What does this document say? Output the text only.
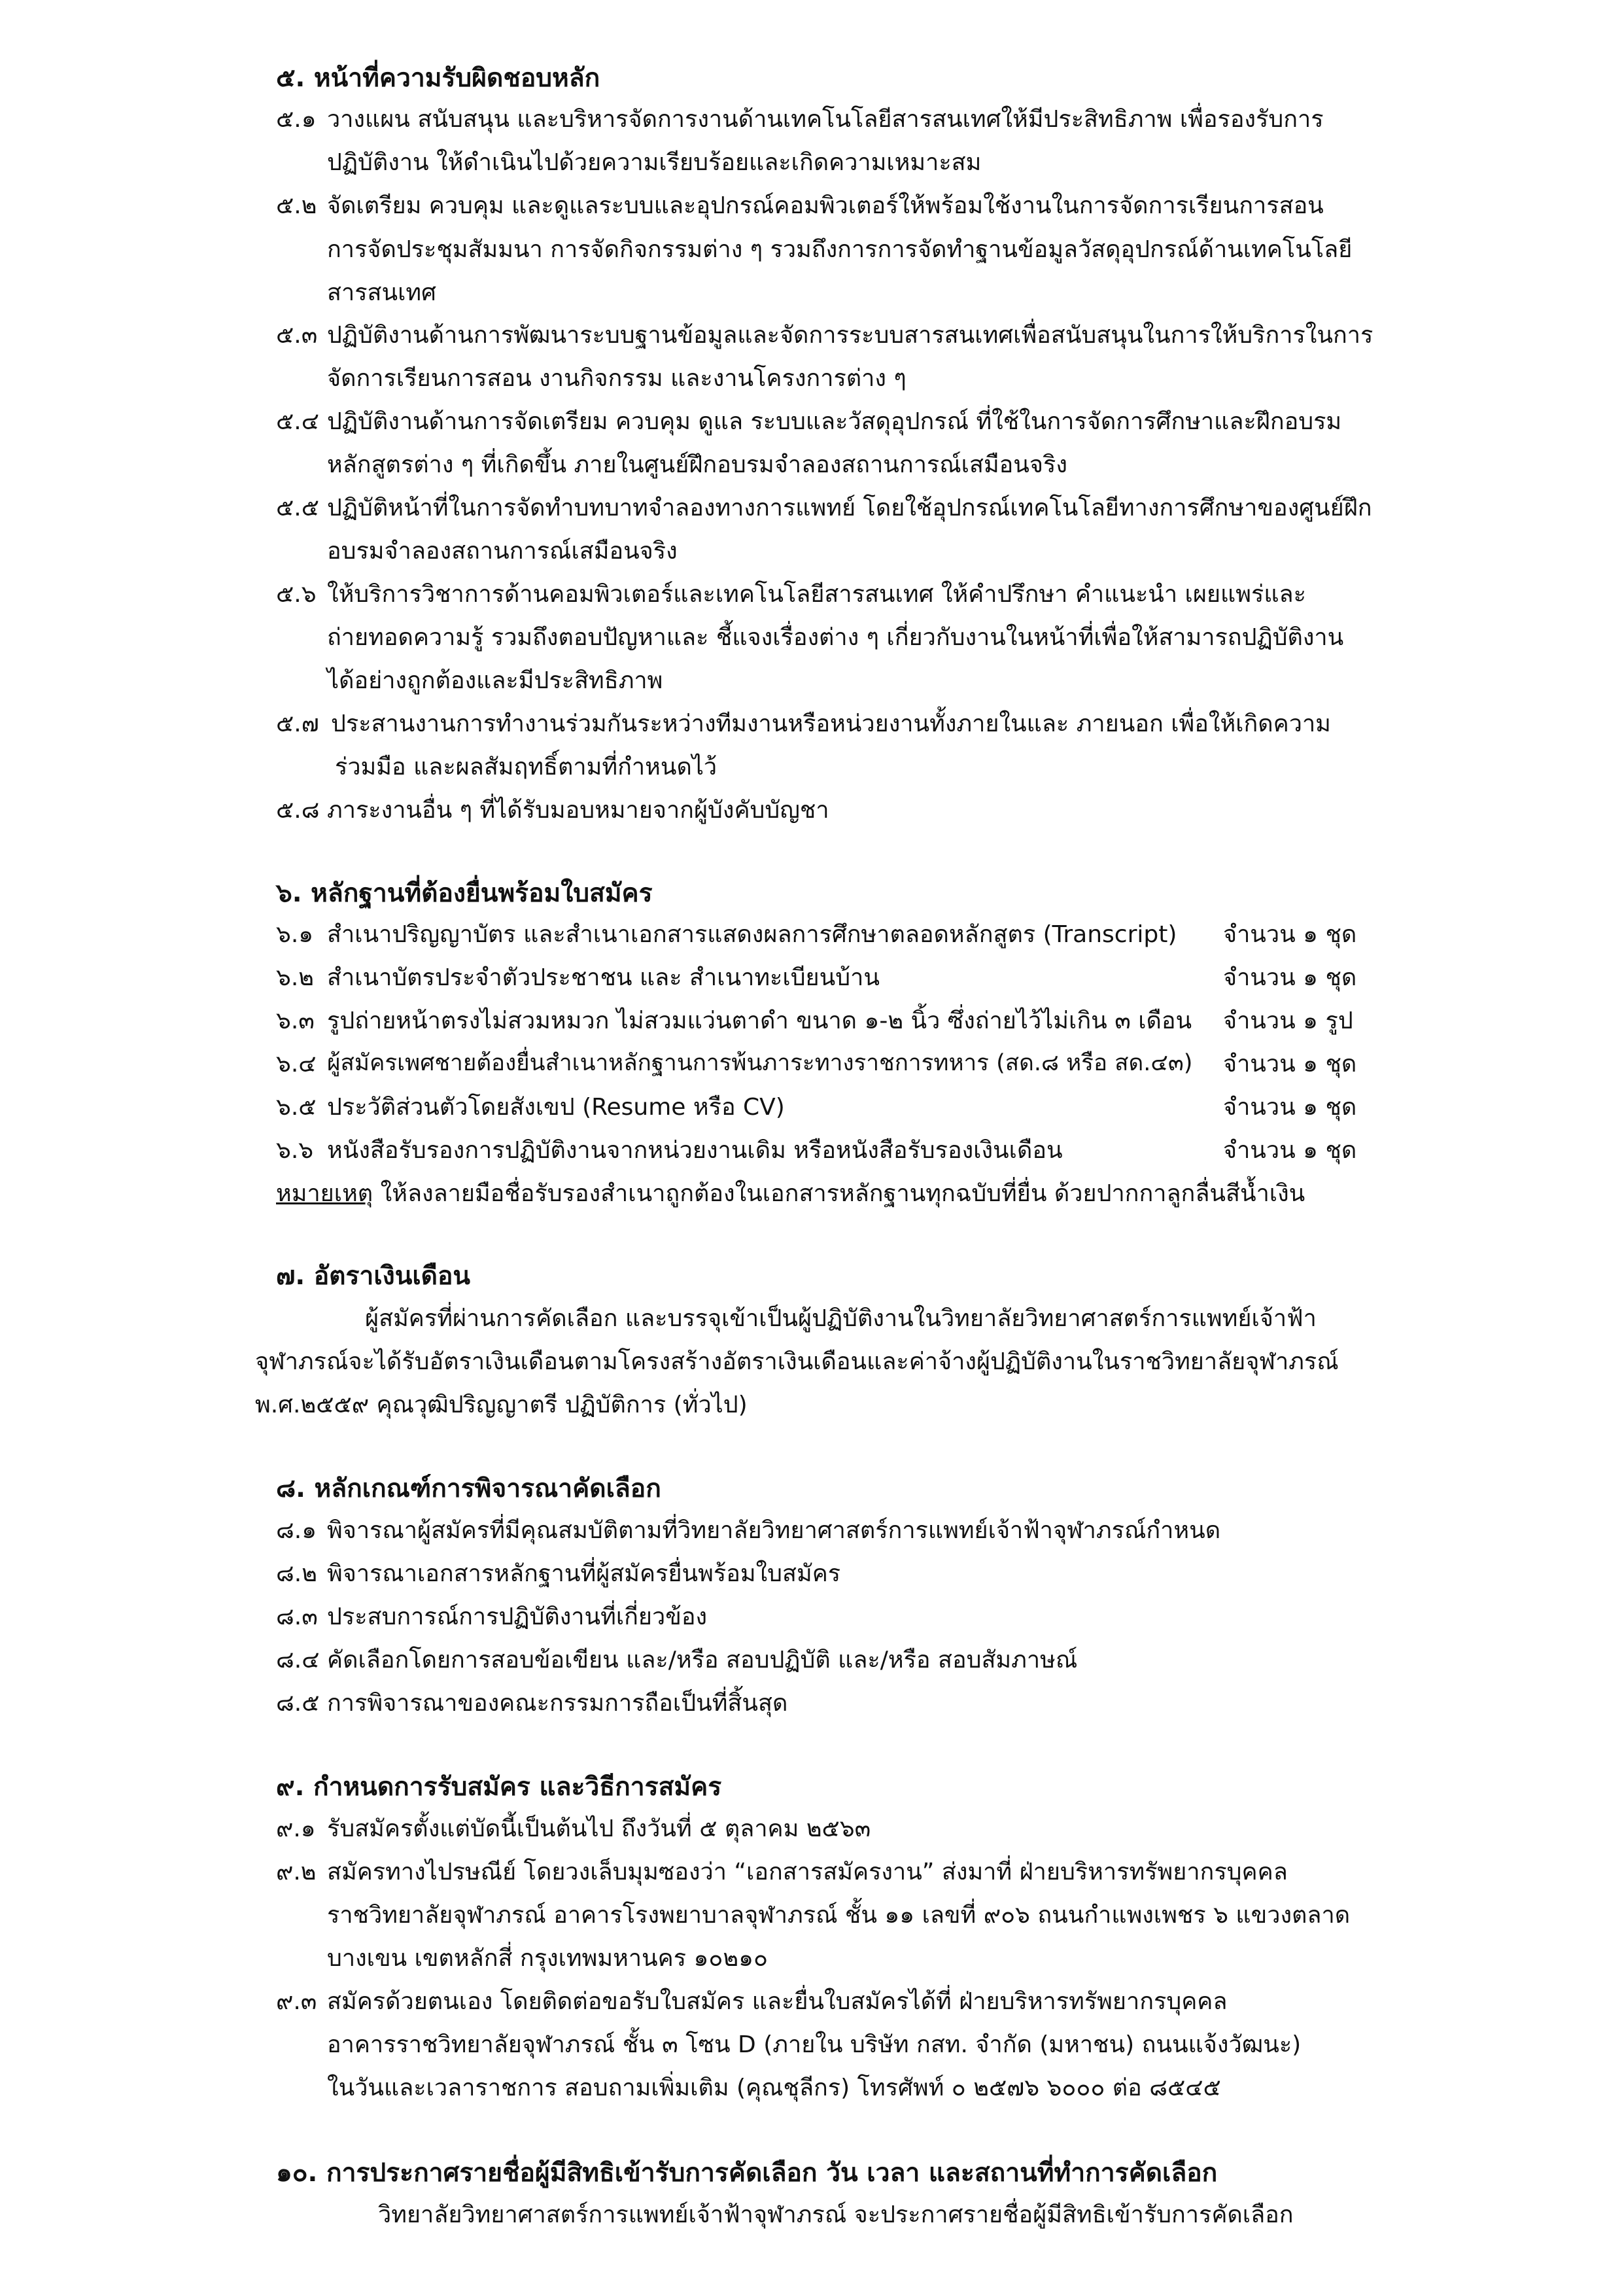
๕. หน้าที่ความรับผิดชอบหลัก
๕.๑ วางแผน สนับสนุน และบริหารจัดการงานด้านเทคโนโลยีสารสนเทศให้มีประสิทธิภาพ เพื่อรองรับการ
ปฏิบัติงาน ให้ดำเนินไปด้วยความเรียบร้อยและเกิดความเหมาะสม
๕.๒ จัดเตรียม ควบคุม และดูแลระบบและอุปกรณ์คอมพิวเตอร์ให้พร้อมใช้งานในการจัดการเรียนการสอน
การจัดประชุมสัมมนา การจัดกิจกรรมต่าง ๆ รวมถึงการการจัดทำฐานข้อมูลวัสดุอุปกรณ์ด้านเทคโนโลยี
สารสนเทศ
๕.๓ ปฏิบัติงานด้านการพัฒนาระบบฐานข้อมูลและจัดการระบบสารสนเทศเพื่อสนับสนุนในการให้บริการในการ
จัดการเรียนการสอน งานกิจกรรม และงานโครงการต่าง ๆ
๕.๔ ปฏิบัติงานด้านการจัดเตรียม ควบคุม ดูแล ระบบและวัสดุอุปกรณ์ ที่ใช้ในการจัดการศึกษาและฝึกอบรม
หลักสูตรต่าง ๆ ที่เกิดขึ้น ภายในศูนย์ฝึกอบรมจำลองสถานการณ์เสมือนจริง
๕.๕ ปฏิบัติหน้าที่ในการจัดทำบทบาทจำลองทางการแพทย์ โดยใช้อุปกรณ์เทคโนโลยีทางการศึกษาของศูนย์ฝึก
อบรมจำลองสถานการณ์เสมือนจริง
๕.๖ ให้บริการวิชาการด้านคอมพิวเตอร์และเทคโนโลยีสารสนเทศ ให้คำปรึกษา คำแนะนำ เผยแพร่และ
ถ่ายทอดความรู้ รวมถึงตอบปัญหาและ ชี้แจงเรื่องต่าง ๆ เกี่ยวกับงานในหน้าที่เพื่อให้สามารถปฏิบัติงาน
ได้อย่างถูกต้องและมีประสิทธิภาพ
๕.๗ ประสานงานการทำงานร่วมกันระหว่างทีมงานหรือหน่วยงานทั้งภายในและ ภายนอก เพื่อให้เกิดความ
ร่วมมือ และผลสัมฤทธิ์ตามที่กำหนดไว้
๕.๘ ภาระงานอื่น ๆ ที่ได้รับมอบหมายจากผู้บังคับบัญชา
๖. หลักฐานที่ต้องยื่นพร้อมใบสมัคร
๖.๑ สำเนาปริญญาบัตร และสำเนาเอกสารแสดงผลการศึกษาตลอดหลักสูตร (Transcript) จำนวน ๑ ชุด
๖.๒ สำเนาบัตรประจำตัวประชาชน และ สำเนาทะเบียนบ้าน	จำนวน ๑ ชุด
๖.๓ รูปถ่ายหน้าตรงไม่สวมหมวก ไม่สวมแว่นตาดำ ขนาด ๑-๒ นิ้ว ซึ่งถ่ายไว้ไม่เกิน ๓ เดือน จำนวน ๑ รูป
๖.๔ ผู้สมัครเพศชายต้องยื่นสำเนาหลักฐานการพ้นภาระทางราชการทหาร (สด.๘ หรือ สด.๔๓) จำนวน ๑ ชุด
๖.๕ ประวัติส่วนตัวโดยสังเขป (Resume หรือ CV)	จำนวน ๑ ชุด
๖.๖ หนังสือรับรองการปฏิบัติงานจากหน่วยงานเดิม หรือหนังสือรับรองเงินเดือน	จำนวน ๑ ชุด
หมายเหตุ ให้ลงลายมือชื่อรับรองสำเนาถูกต้องในเอกสารหลักฐานทุกฉบับที่ยื่น ด้วยปากกาลูกลื่นสีน้ำเงิน
๗. อัตราเงินเดือน
ผู้สมัครที่ผ่านการคัดเลือก และบรรจุเข้าเป็นผู้ปฏิบัติงานในวิทยาลัยวิทยาศาสตร์การแพทย์เจ้าฟ้า
จุฬาภรณ์จะได้รับอัตราเงินเดือนตามโครงสร้างอัตราเงินเดือนและค่าจ้างผู้ปฏิบัติงานในราชวิทยาลัยจุฬาภรณ์
พ.ศ.๒๕๕๙ คุณวุฒิปริญญาตรี ปฏิบัติการ (ทั่วไป)
๘. หลักเกณฑ์การพิจารณาคัดเลือก
๘.๑ พิจารณาผู้สมัครที่มีคุณสมบัติตามที่วิทยาลัยวิทยาศาสตร์การแพทย์เจ้าฟ้าจุฬาภรณ์กำหนด
๘.๒ พิจารณาเอกสารหลักฐานที่ผู้สมัครยื่นพร้อมใบสมัคร
๘.๓ ประสบการณ์การปฏิบัติงานที่เกี่ยวข้อง
๘.๔ คัดเลือกโดยการสอบข้อเขียน และ/หรือ สอบปฏิบัติ และ/หรือ สอบสัมภาษณ์
๘.๕ การพิจารณาของคณะกรรมการถือเป็นที่สิ้นสุด
๙. กำหนดการรับสมัคร และวิธีการสมัคร
๙.๑ รับสมัครตั้งแต่บัดนี้เป็นต้นไป ถึงวันที่ ๕ ตุลาคม ๒๕๖๓
๙.๒ สมัครทางไปรษณีย์ โดยวงเล็บมุมซองว่า “เอกสารสมัครงาน” ส่งมาที่ ฝ่ายบริหารทรัพยากรบุคคล
ราชวิทยาลัยจุฬาภรณ์ อาคารโรงพยาบาลจุฬาภรณ์ ชั้น ๑๑ เลขที่ ๙๐๖ ถนนกำแพงเพชร ๖ แขวงตลาด
บางเขน เขตหลักสี่ กรุงเทพมหานคร ๑๐๒๑๐
๙.๓ สมัครด้วยตนเอง โดยติดต่อขอรับใบสมัคร และยื่นใบสมัครได้ที่ ฝ่ายบริหารทรัพยากรบุคคล
อาคารราชวิทยาลัยจุฬาภรณ์ ชั้น ๓ โซน D (ภายใน บริษัท กสท. จำกัด (มหาชน) ถนนแจ้งวัฒนะ)
ในวันและเวลาราชการ สอบถามเพิ่มเติม (คุณชุลีกร) โทรศัพท์ ๐ ๒๕๗๖ ๖๐๐๐ ต่อ ๘๕๔๕
๑๐. การประกาศรายชื่อผู้มีสิทธิเข้ารับการคัดเลือก วัน เวลา และสถานที่ทำการคัดเลือก
วิทยาลัยวิทยาศาสตร์การแพทย์เจ้าฟ้าจุฬาภรณ์ จะประกาศรายชื่อผู้มีสิทธิเข้ารับการคัดเลือก
